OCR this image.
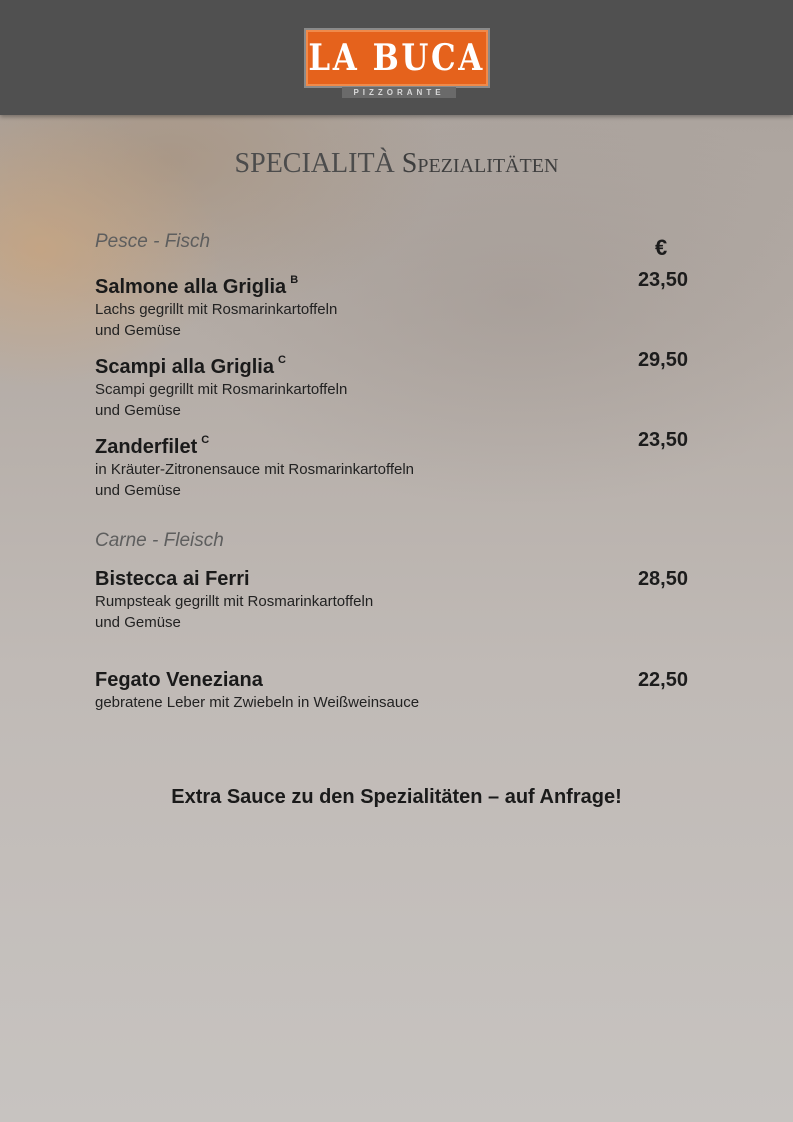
LA BUCA
PIZZORANTE
SPECIALITÀ Spezialitäten
Pesce - Fisch	€
Salmone alla Griglia $^B$	23,50
Lachs gegrillt mit Rosmarinkartoffeln
und Gemüse
Scampi alla Griglia $^C$	29,50
Scampi gegrillt mit Rosmarinkartoffeln
und Gemüse
Zanderfilet $^C$	23,50
in Kräuter-Zitronensauce mit Rosmarinkartoffeln
und Gemüse
Carne - Fleisch
Bistecca ai Ferri	28,50
Rumpsteak gegrillt mit Rosmarinkartoffeln
und Gemüse
Fegato Veneziana	22,50
gebratene Leber mit Zwiebeln in Weißweinsauce
Extra Sauce zu den Spezialitäten – auf Anfrage!
